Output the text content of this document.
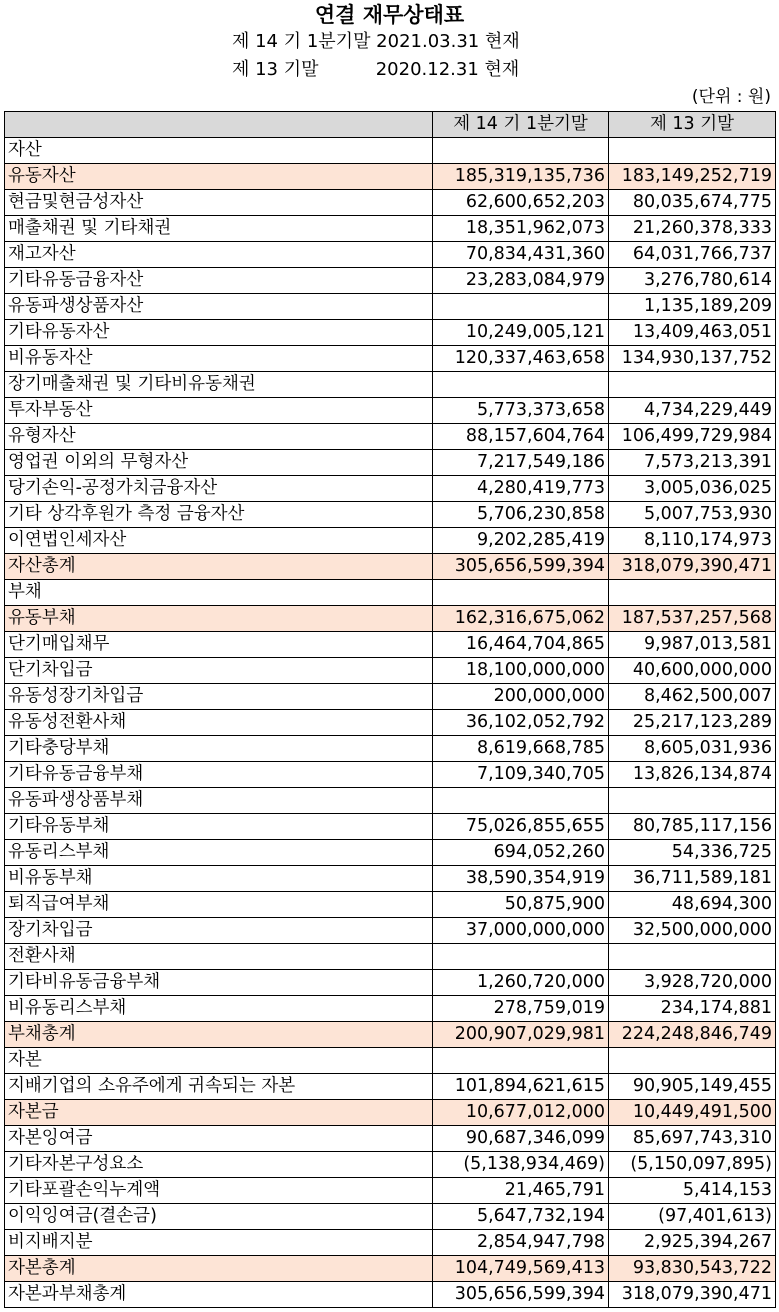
연결 재무상태표
제 14 기 1분기말 2021.03.31 현재
제 13 기말          2020.12.31 현재
(단위 : 원)
	제 14 기 1분기말	제 13 기말
자산		
유동자산	185,319,135,736	183,149,252,719
현금및현금성자산	62,600,652,203	80,035,674,775
매출채권 및 기타채권	18,351,962,073	21,260,378,333
재고자산	70,834,431,360	64,031,766,737
기타유동금융자산	23,283,084,979	3,276,780,614
유동파생상품자산		1,135,189,209
기타유동자산	10,249,005,121	13,409,463,051
비유동자산	120,337,463,658	134,930,137,752
장기매출채권 및 기타비유동채권		
투자부동산	5,773,373,658	4,734,229,449
유형자산	88,157,604,764	106,499,729,984
영업권 이외의 무형자산	7,217,549,186	7,573,213,391
당기손익-공정가치금융자산	4,280,419,773	3,005,036,025
기타 상각후원가 측정 금융자산	5,706,230,858	5,007,753,930
이연법인세자산	9,202,285,419	8,110,174,973
자산총계	305,656,599,394	318,079,390,471
부채		
유동부채	162,316,675,062	187,537,257,568
단기매입채무	16,464,704,865	9,987,013,581
단기차입금	18,100,000,000	40,600,000,000
유동성장기차입금	200,000,000	8,462,500,007
유동성전환사채	36,102,052,792	25,217,123,289
기타충당부채	8,619,668,785	8,605,031,936
기타유동금융부채	7,109,340,705	13,826,134,874
유동파생상품부채		
기타유동부채	75,026,855,655	80,785,117,156
유동리스부채	694,052,260	54,336,725
비유동부채	38,590,354,919	36,711,589,181
퇴직급여부채	50,875,900	48,694,300
장기차입금	37,000,000,000	32,500,000,000
전환사채		
기타비유동금융부채	1,260,720,000	3,928,720,000
비유동리스부채	278,759,019	234,174,881
부채총계	200,907,029,981	224,248,846,749
자본		
지배기업의 소유주에게 귀속되는 자본	101,894,621,615	90,905,149,455
자본금	10,677,012,000	10,449,491,500
자본잉여금	90,687,346,099	85,697,743,310
기타자본구성요소	(5,138,934,469)	(5,150,097,895)
기타포괄손익누계액	21,465,791	5,414,153
이익잉여금(결손금)	5,647,732,194	(97,401,613)
비지배지분	2,854,947,798	2,925,394,267
자본총계	104,749,569,413	93,830,543,722
자본과부채총계	305,656,599,394	318,079,390,471
